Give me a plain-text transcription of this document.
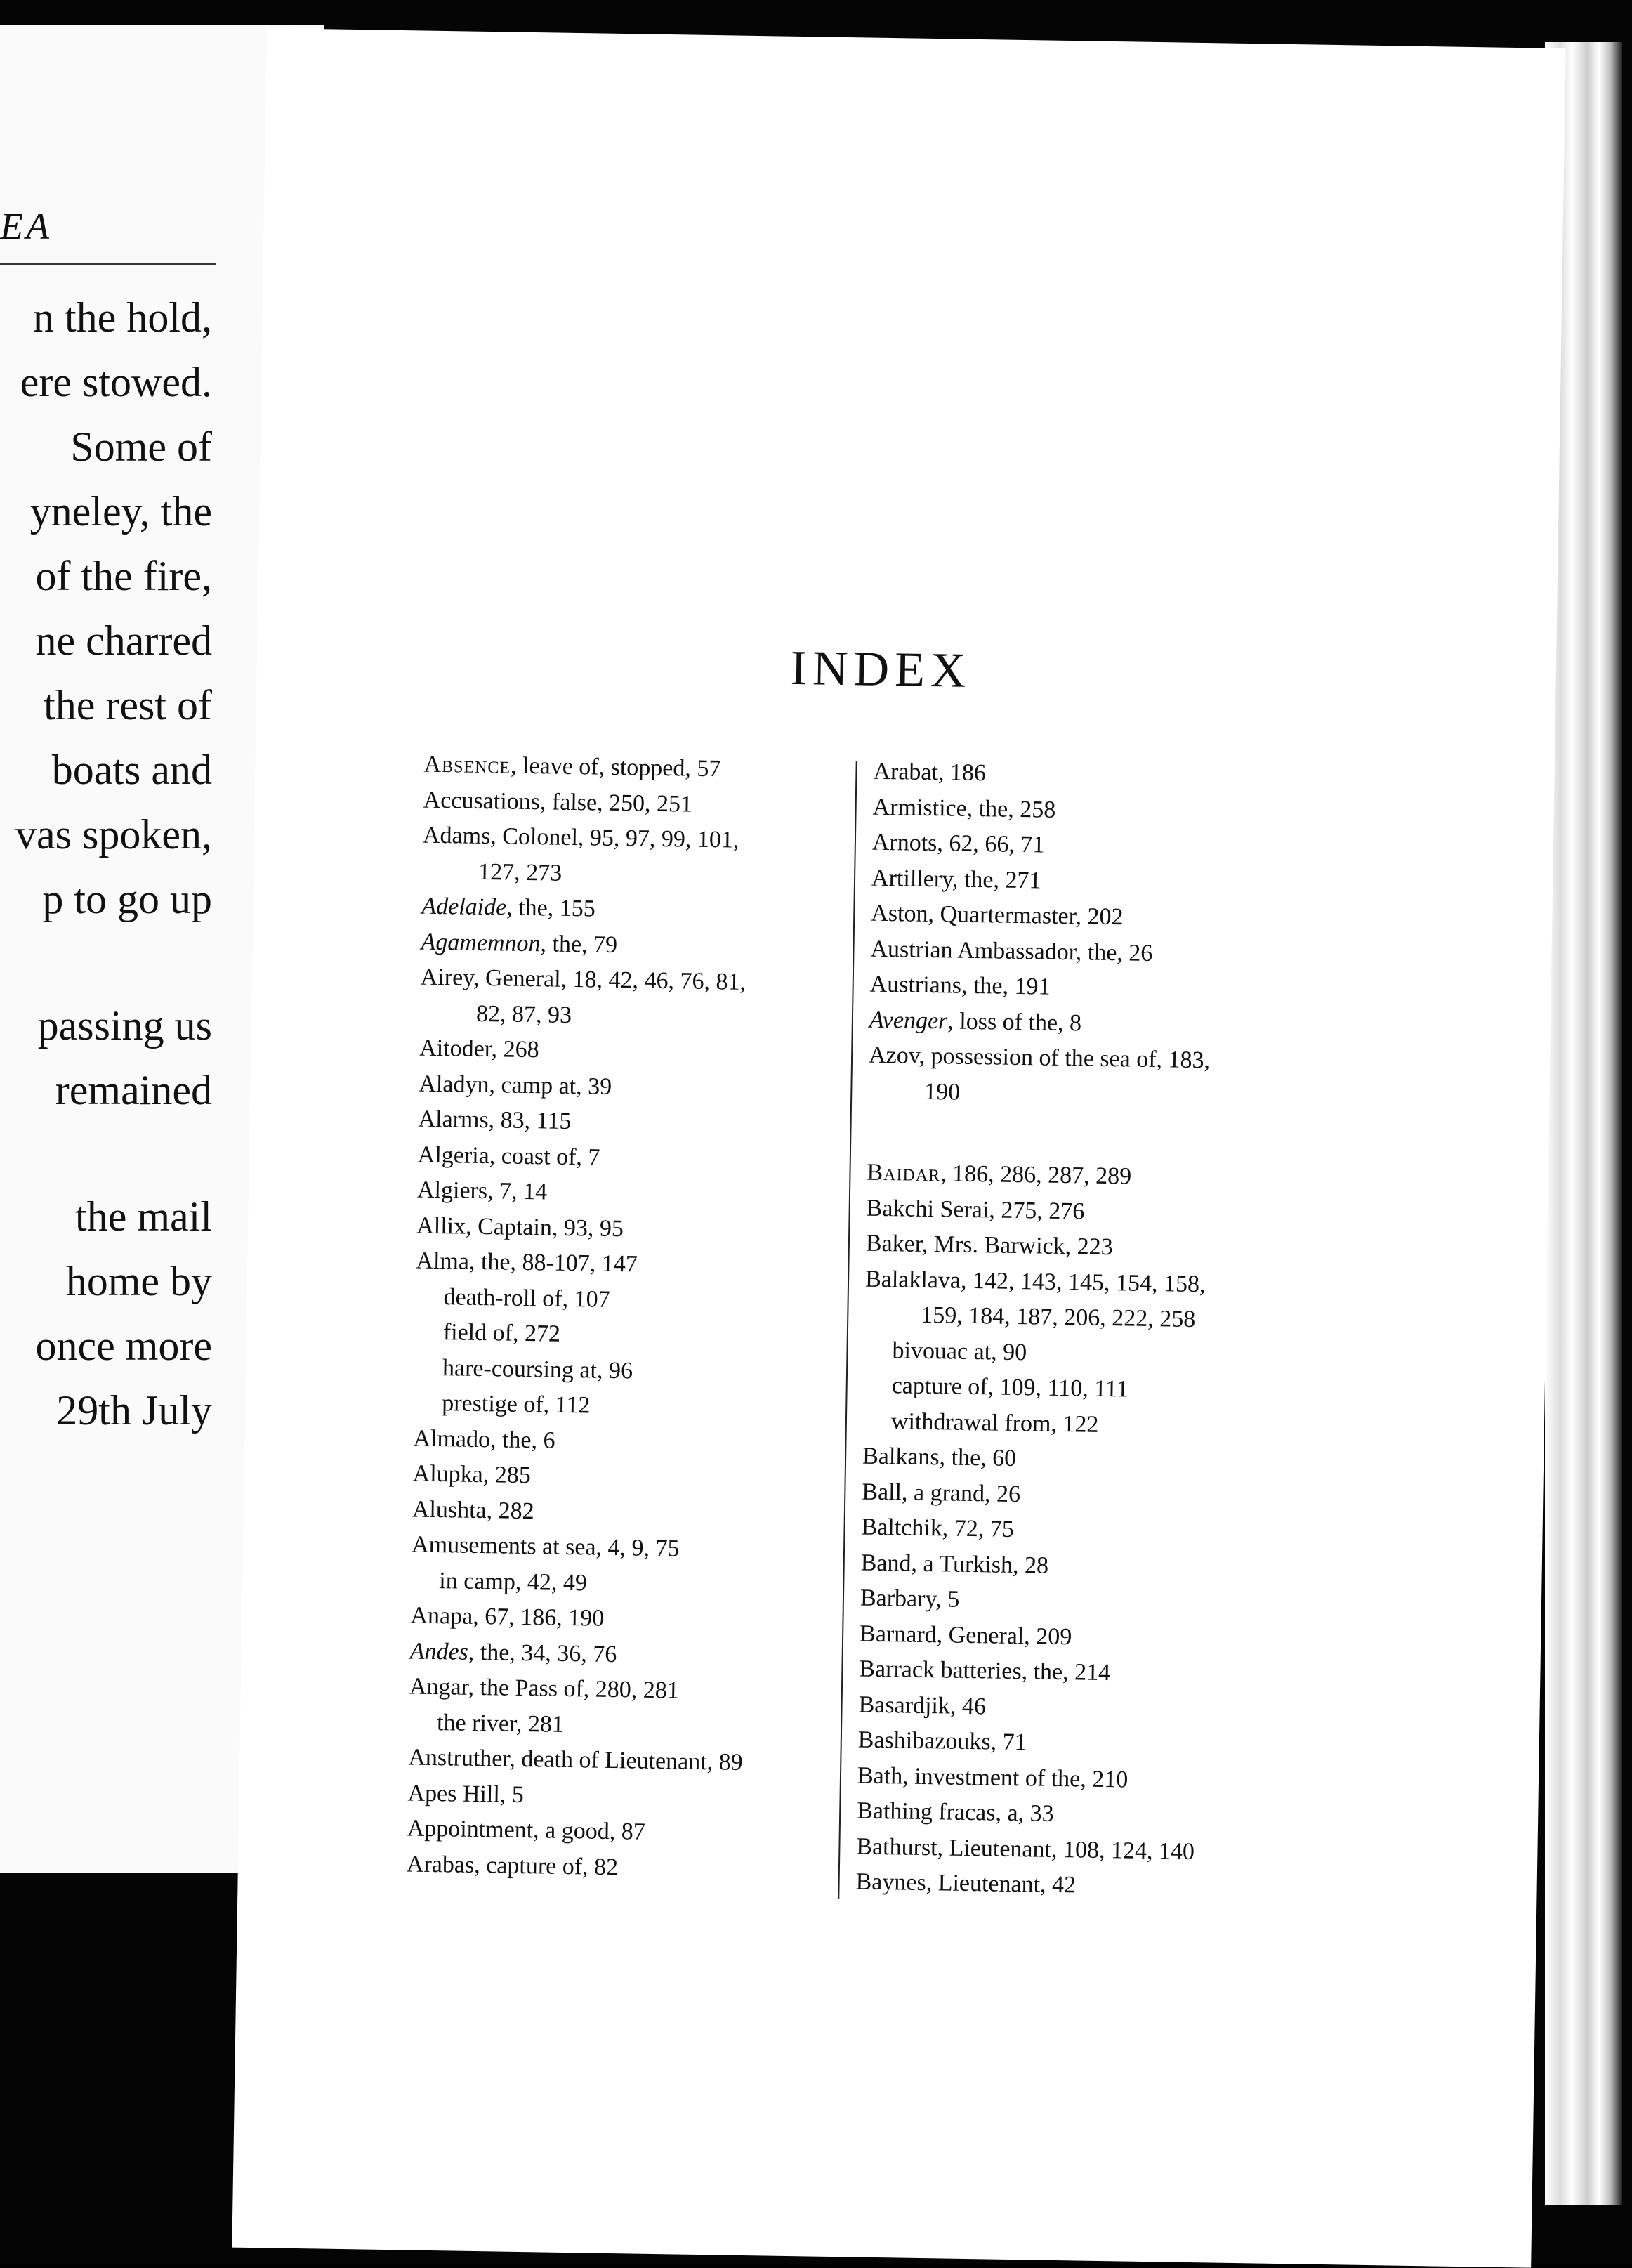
EA
n the hold,
ere stowed.
Some of
yneley, the
of the fire,
ne charred
the rest of
boats and
vas spoken,
p to go up
passing us
remained
the mail
home by
once more
29th July
INDEX
Absence, leave of, stopped, 57
Accusations, false, 250, 251
Adams, Colonel, 95, 97, 99, 101,
127, 273
Adelaide, the, 155
Agamemnon, the, 79
Airey, General, 18, 42, 46, 76, 81,
82, 87, 93
Aitoder, 268
Aladyn, camp at, 39
Alarms, 83, 115
Algeria, coast of, 7
Algiers, 7, 14
Allix, Captain, 93, 95
Alma, the, 88-107, 147
death-roll of, 107
field of, 272
hare-coursing at, 96
prestige of, 112
Almado, the, 6
Alupka, 285
Alushta, 282
Amusements at sea, 4, 9, 75
in camp, 42, 49
Anapa, 67, 186, 190
Andes, the, 34, 36, 76
Angar, the Pass of, 280, 281
the river, 281
Anstruther, death of Lieutenant, 89
Apes Hill, 5
Appointment, a good, 87
Arabas, capture of, 82
Arabat, 186
Armistice, the, 258
Arnots, 62, 66, 71
Artillery, the, 271
Aston, Quartermaster, 202
Austrian Ambassador, the, 26
Austrians, the, 191
Avenger, loss of the, 8
Azov, possession of the sea of, 183,
190
Baidar, 186, 286, 287, 289
Bakchi Serai, 275, 276
Baker, Mrs. Barwick, 223
Balaklava, 142, 143, 145, 154, 158,
159, 184, 187, 206, 222, 258
bivouac at, 90
capture of, 109, 110, 111
withdrawal from, 122
Balkans, the, 60
Ball, a grand, 26
Baltchik, 72, 75
Band, a Turkish, 28
Barbary, 5
Barnard, General, 209
Barrack batteries, the, 214
Basardjik, 46
Bashibazouks, 71
Bath, investment of the, 210
Bathing fracas, a, 33
Bathurst, Lieutenant, 108, 124, 140
Baynes, Lieutenant, 42
